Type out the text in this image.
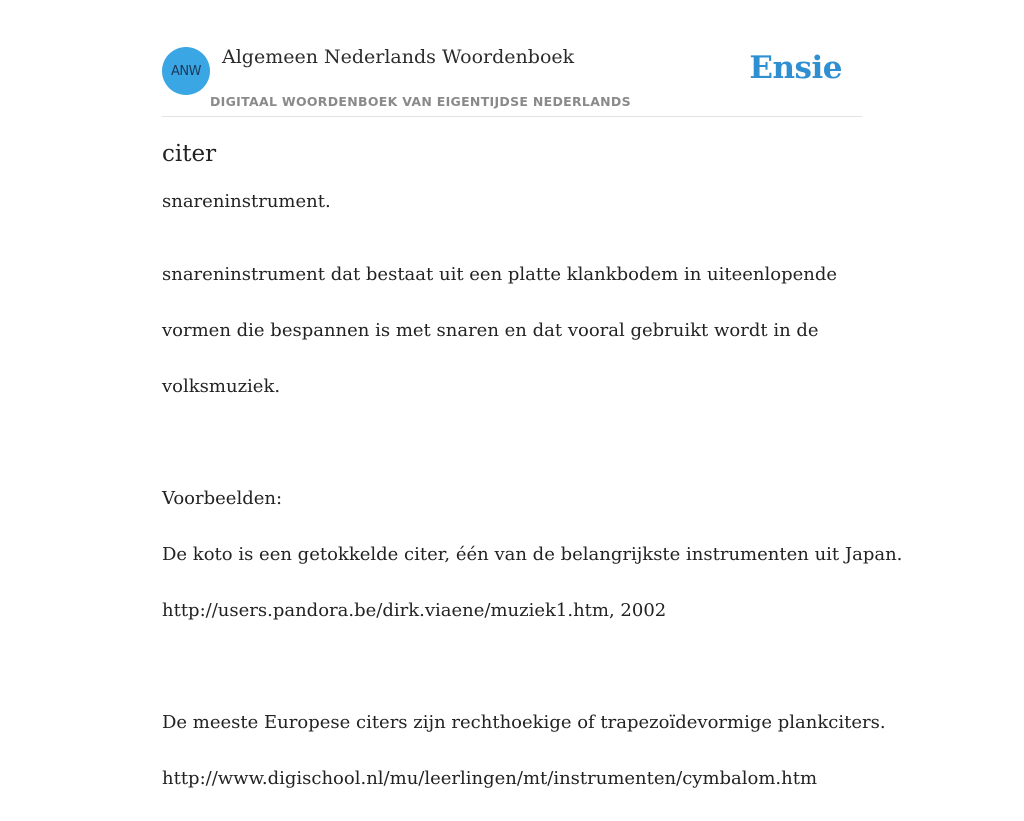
ANW
Algemeen Nederlands Woordenboek
DIGITAAL WOORDENBOEK VAN EIGENTIJDSE NEDERLANDS
Ensie
citer

snareninstrument.

snareninstrument dat bestaat uit een platte klankbodem in uiteenlopende

vormen die bespannen is met snaren en dat vooral gebruikt wordt in de

volksmuziek.

Voorbeelden:

De koto is een getokkelde citer, één van de belangrijkste instrumenten uit Japan.

http://users.pandora.be/dirk.viaene/muziek1.htm, 2002

De meeste Europese citers zijn rechthoekige of trapezoïdevormige plankciters.

http://www.digischool.nl/mu/leerlingen/mt/instrumenten/cymbalom.htm
